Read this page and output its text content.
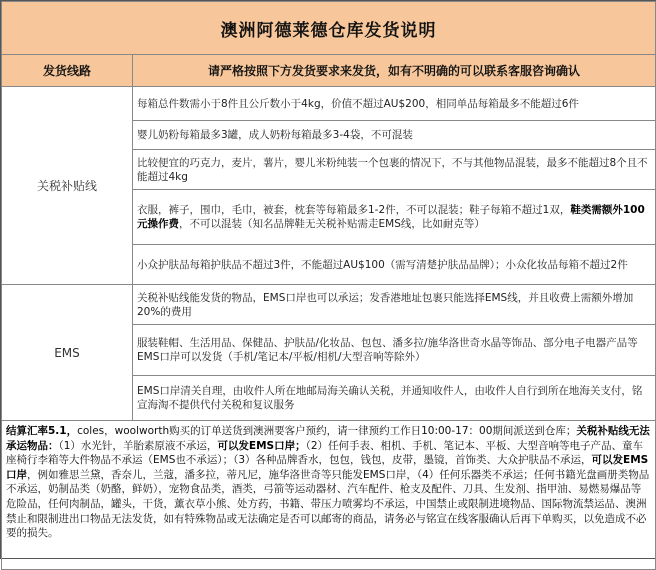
澳洲阿德莱德仓库发货说明	
发货线路	请严格按照下方发货要求来发货，如有不明确的可以联系客服咨询确认
关税补贴线	每箱总件数需小于8件且公斤数小于4kg，价值不超过AU$200，相同单品每箱最多不能超过6件
	婴儿奶粉每箱最多3罐，成人奶粉每箱最多3-4袋，不可混装
	比较便宜的巧克力，麦片，薯片，婴儿米粉纯装一个包裹的情况下，不与其他物品混装，最多不能超过8个且不能超过4kg
	衣服，裤子，围巾，毛巾，被套，枕套等每箱最多1-2件，不可以混装；鞋子每箱不超过1双，鞋类需额外100元操作费，不可以混装（知名品牌鞋无关税补贴需走EMS线，比如耐克等）
	小众护肤品每箱护肤品不超过3件，不能超过AU$100（需写清楚护肤品品牌）；小众化妆品每箱不超过2件
EMS	关税补贴线能发货的物品，EMS口岸也可以承运；发香港地址包裹只能选择EMS线，并且收费上需额外增加20%的费用
	服装鞋帽、生活用品、保健品、护肤品/化妆品、包包、潘多拉/施华洛世奇水晶等饰品、部分电子电器产品等EMS口岸可以发货（手机/笔记本/平板/相机/大型音响等除外）
	EMS口岸清关自理，由收件人所在地邮局海关确认关税，并通知收件人，由收件人自行到所在地海关支付，铭宣海淘不提供代付关税和复议服务
结算汇率5.1，coles，woolworth购买的订单送货到澳洲要客户预约，请一律预约工作日10:00-17：00期间派送到仓库；关税补贴线无法承运物品：（1）水光针，羊胎素原液不承运，可以发EMS口岸；（2）任何手表、相机、手机、笔记本、平板、大型音响等电子产品、童车座椅行李箱等大件物品不承运（EMS也不承运）；（3）各种品牌香水，包包，钱包，皮带，墨镜，首饰类、大众护肤品不承运，可以发EMS口岸，例如雅思兰黛，香奈儿，兰蔻，潘多拉，蒂凡尼，施华洛世奇等只能发EMS口岸，（4）任何乐器类不承运；任何书籍光盘画册类物品不承运，奶制品类（奶酪，鲜奶），宠物食品类，酒类，弓箭等运动器材、汽车配件、枪支及配件、刀具、生发剂、指甲油、易燃易爆品等危险品，任何肉制品，罐头，干货，薰衣草小熊、处方药，书籍、带压力喷雾均不承运，中国禁止或限制进境物品、国际物流禁运品、澳洲禁止和限制进出口物品无法发货，如有特殊物品或无法确定是否可以邮寄的商品，请务必与铭宣在线客服确认后再下单购买，以免造成不必要的损失。	
